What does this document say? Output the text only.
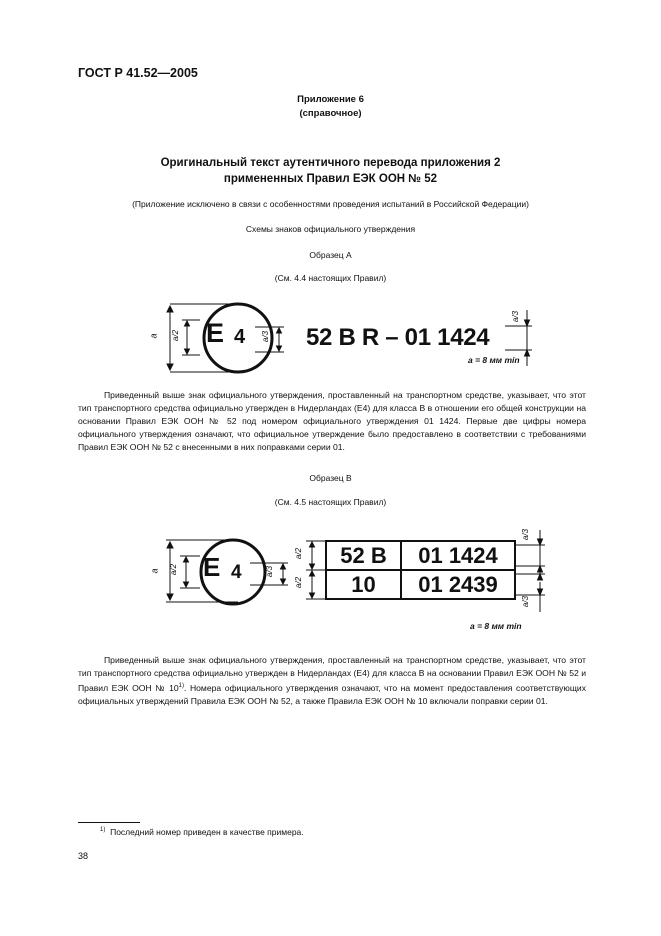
ГОСТ Р 41.52—2005
Приложение 6
(справочное)
Оригинальный текст аутентичного перевода приложения 2
примененных Правил ЕЭК ООН № 52
(Приложение исключено в связи с особенностями проведения испытаний в Российской Федерации)
Схемы знаков официального утверждения
Образец А
(См. 4.4 настоящих Правил)
a a/2 E 4 a/3 52 B R – 01 1424
a/3
a = 8 мм min
Приведенный выше знак официального утверждения, проставленный на транспортном средстве, указывает, что этот тип транспортного средства официально утвержден в Нидерландах (Е4) для класса В в отношении его общей конструкции на основании Правил ЕЭК ООН № 52 под номером официального утверждения 01 1424. Первые две цифры номера официального утверждения означают, что официальное утверждение было предоставлено в соответствии с требованиями Правил ЕЭК ООН № 52 с внесенными в них поправками серии 01.
Образец В
(См. 4.5 настоящих Правил)
a a/2 E 4	a/3
a/2
a/2
52 B	01 1424
10	01 2439
a/3
a/3
a = 8 мм min
Приведенный выше знак официального утверждения, проставленный на транспортном средстве, указывает, что этот тип транспортного средства официально утвержден в Нидерландах (Е4) для класса В на основании Правил ЕЭК ООН № 52 и Правил ЕЭК ООН № 10$^{1)}$. Номера официального утверждения означают, что на момент предоставления соответствующих официальных утверждений Правила ЕЭК ООН № 52, а также Правила ЕЭК ООН № 10 включали поправки серии 01.
$^{1)}$ Последний номер приведен в качестве примера.
38
